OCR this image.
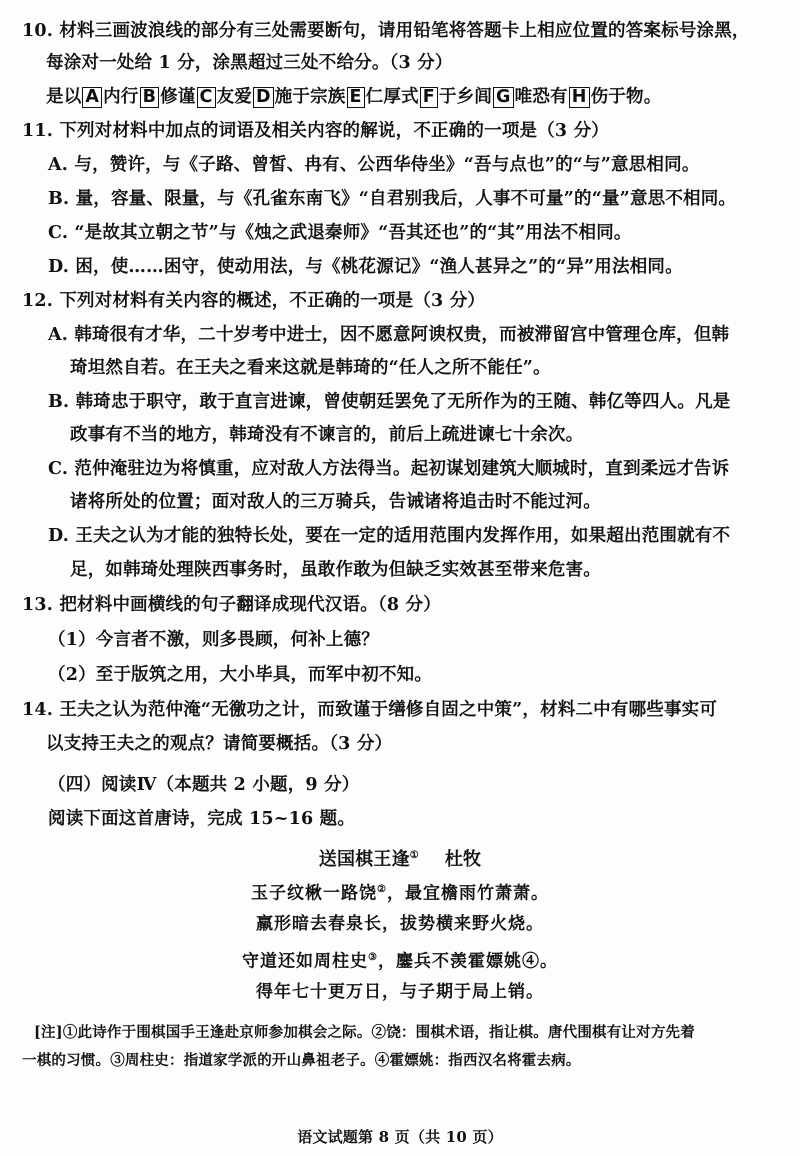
10. 材料三画波浪线的部分有三处需要断句，请用铅笔将答题卡上相应位置的答案标号涂黑，
每涂对一处给 1 分，涂黑超过三处不给分。（3 分）
是以 A 内行 B 修谨 C 友爱 D 施于宗族 E 仁厚式 F 于乡闾 G 唯恐有 H 伤于物。
11. 下列对材料中加点的词语及相关内容的解说，不正确的一项是（3 分）
A. 与，赞许，与《子路、曾皙、冉有、公西华侍坐》“吾与点也”的“与”意思相同。
B. 量，容量、限量，与《孔雀东南飞》“自君别我后，人事不可量”的“量”意思不相同。
C. “是故其立朝之节”与《烛之武退秦师》“吾其还也”的“其”用法不相同。
D. 困，使……困守，使动用法，与《桃花源记》“渔人甚异之”的“异”用法相同。
12. 下列对材料有关内容的概述，不正确的一项是（3 分）
A. 韩琦很有才华，二十岁考中进士，因不愿意阿谀权贵，而被滞留宫中管理仓库，但韩
琦坦然自若。在王夫之看来这就是韩琦的“任人之所不能任”。
B. 韩琦忠于职守，敢于直言进谏，曾使朝廷罢免了无所作为的王随、韩亿等四人。凡是
政事有不当的地方，韩琦没有不谏言的，前后上疏进谏七十余次。
C. 范仲淹驻边为将慎重，应对敌人方法得当。起初谋划建筑大顺城时，直到柔远才告诉
诸将所处的位置；面对敌人的三万骑兵，告诫诸将追击时不能过河。
D. 王夫之认为才能的独特长处，要在一定的适用范围内发挥作用，如果超出范围就有不
足，如韩琦处理陕西事务时，虽敢作敢为但缺乏实效甚至带来危害。
13. 把材料中画横线的句子翻译成现代汉语。（8 分）
（1）今言者不激，则多畏顾，何补上德？
（2）至于版筑之用，大小毕具，而军中初不知。
14. 王夫之认为范仲淹“无徼功之计，而致谨于缮修自固之中策”，材料二中有哪些事实可
以支持王夫之的观点？请简要概括。（3 分）
（四）阅读Ⅳ（本题共 2 小题，9 分）
阅读下面这首唐诗，完成 15~16 题。
送国棋王逢① 杜牧
玉子纹楸一路饶②，最宜檐雨竹萧萧。
羸形暗去春泉长，拔势横来野火烧。
守道还如周柱史③，鏖兵不羡霍嫖姚④。
得年七十更万日，与子期于局上销。
[注]①此诗作于围棋国手王逢赴京师参加棋会之际。②饶：围棋术语，指让棋。唐代围棋有让对方先着
一棋的习惯。③周柱史：指道家学派的开山鼻祖老子。④霍嫖姚：指西汉名将霍去病。
语文试题第 8 页（共 10 页）
